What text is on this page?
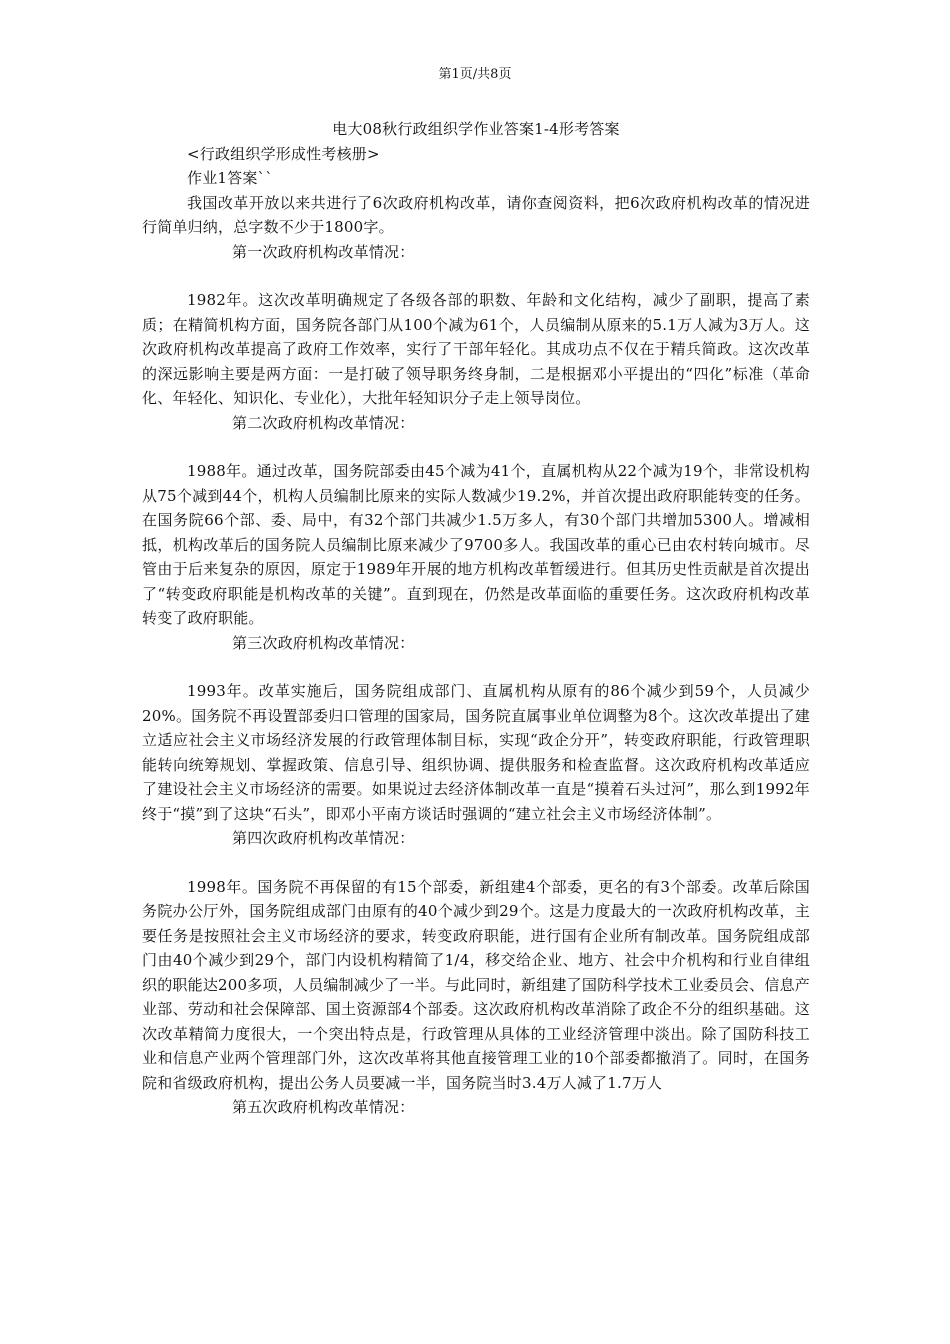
第1页/共8页

电大08秋行政组织学作业答案1-4形考答案

<行政组织学形成性考核册>

作业1答案``

我国改革开放以来共进行了6次政府机构改革，请你查阅资料，把6次政府机构改革的情况进行简单归纳，总字数不少于1800字。

第一次政府机构改革情况：

1982年。这次改革明确规定了各级各部的职数、年龄和文化结构，减少了副职，提高了素质；在精简机构方面，国务院各部门从100个减为61个，人员编制从原来的5.1万人减为3万人。这次政府机构改革提高了政府工作效率，实行了干部年轻化。其成功点不仅在于精兵简政。这次改革的深远影响主要是两方面：一是打破了领导职务终身制，二是根据邓小平提出的“四化”标准（革命化、年轻化、知识化、专业化），大批年轻知识分子走上领导岗位。

第二次政府机构改革情况：

1988年。通过改革，国务院部委由45个减为41个，直属机构从22个减为19个，非常设机构从75个减到44个，机构人员编制比原来的实际人数减少19.2%，并首次提出政府职能转变的任务。在国务院66个部、委、局中，有32个部门共减少1.5万多人，有30个部门共增加5300人。增减相抵，机构改革后的国务院人员编制比原来减少了9700多人。我国改革的重心已由农村转向城市。尽管由于后来复杂的原因，原定于1989年开展的地方机构改革暂缓进行。但其历史性贡献是首次提出了“转变政府职能是机构改革的关键”。直到现在，仍然是改革面临的重要任务。这次政府机构改革转变了政府职能。

第三次政府机构改革情况：

1993年。改革实施后，国务院组成部门、直属机构从原有的86个减少到59个，人员减少20%。国务院不再设置部委归口管理的国家局，国务院直属事业单位调整为8个。这次改革提出了建立适应社会主义市场经济发展的行政管理体制目标，实现“政企分开”，转变政府职能，行政管理职能转向统筹规划、掌握政策、信息引导、组织协调、提供服务和检查监督。这次政府机构改革适应了建设社会主义市场经济的需要。如果说过去经济体制改革一直是“摸着石头过河”，那么到1992年终于“摸”到了这块“石头”，即邓小平南方谈话时强调的“建立社会主义市场经济体制”。

第四次政府机构改革情况：

1998年。国务院不再保留的有15个部委，新组建4个部委，更名的有3个部委。改革后除国务院办公厅外，国务院组成部门由原有的40个减少到29个。这是力度最大的一次政府机构改革，主要任务是按照社会主义市场经济的要求，转变政府职能，进行国有企业所有制改革。国务院组成部门由40个减少到29个，部门内设机构精简了1/4，移交给企业、地方、社会中介机构和行业自律组织的职能达200多项，人员编制减少了一半。与此同时，新组建了国防科学技术工业委员会、信息产业部、劳动和社会保障部、国土资源部4个部委。这次政府机构改革消除了政企不分的组织基础。这次改革精简力度很大，一个突出特点是，行政管理从具体的工业经济管理中淡出。除了国防科技工业和信息产业两个管理部门外，这次改革将其他直接管理工业的10个部委都撤消了。同时，在国务院和省级政府机构，提出公务人员要减一半，国务院当时3.4万人减了1.7万人

第五次政府机构改革情况：
